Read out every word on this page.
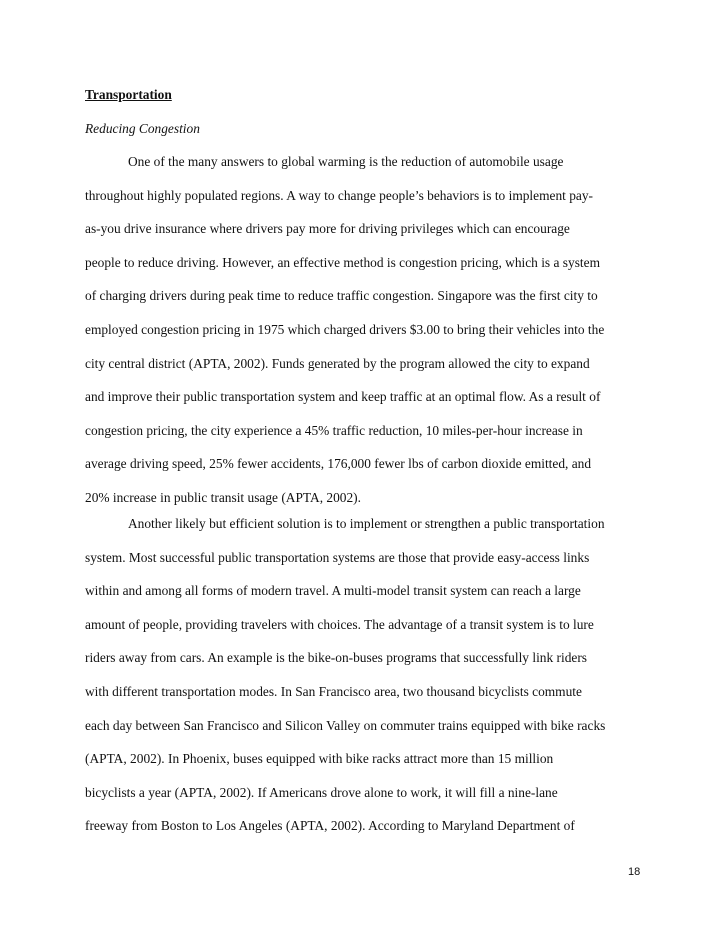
Transportation
Reducing Congestion

One of the many answers to global warming is the reduction of automobile usage
throughout highly populated regions. A way to change people’s behaviors is to implement pay-
as-you drive insurance where drivers pay more for driving privileges which can encourage
people to reduce driving. However, an effective method is congestion pricing, which is a system
of charging drivers during peak time to reduce traffic congestion. Singapore was the first city to
employed congestion pricing in 1975 which charged drivers $3.00 to bring their vehicles into the
city central district (APTA, 2002). Funds generated by the program allowed the city to expand
and improve their public transportation system and keep traffic at an optimal flow. As a result of
congestion pricing, the city experience a 45% traffic reduction, 10 miles-per-hour increase in
average driving speed, 25% fewer accidents, 176,000 fewer lbs of carbon dioxide emitted, and
20% increase in public transit usage (APTA, 2002).

Another likely but efficient solution is to implement or strengthen a public transportation
system. Most successful public transportation systems are those that provide easy-access links
within and among all forms of modern travel. A multi-model transit system can reach a large
amount of people, providing travelers with choices. The advantage of a transit system is to lure
riders away from cars. An example is the bike-on-buses programs that successfully link riders
with different transportation modes. In San Francisco area, two thousand bicyclists commute
each day between San Francisco and Silicon Valley on commuter trains equipped with bike racks
(APTA, 2002). In Phoenix, buses equipped with bike racks attract more than 15 million
bicyclists a year (APTA, 2002). If Americans drove alone to work, it will fill a nine-lane
freeway from Boston to Los Angeles (APTA, 2002). According to Maryland Department of

18
